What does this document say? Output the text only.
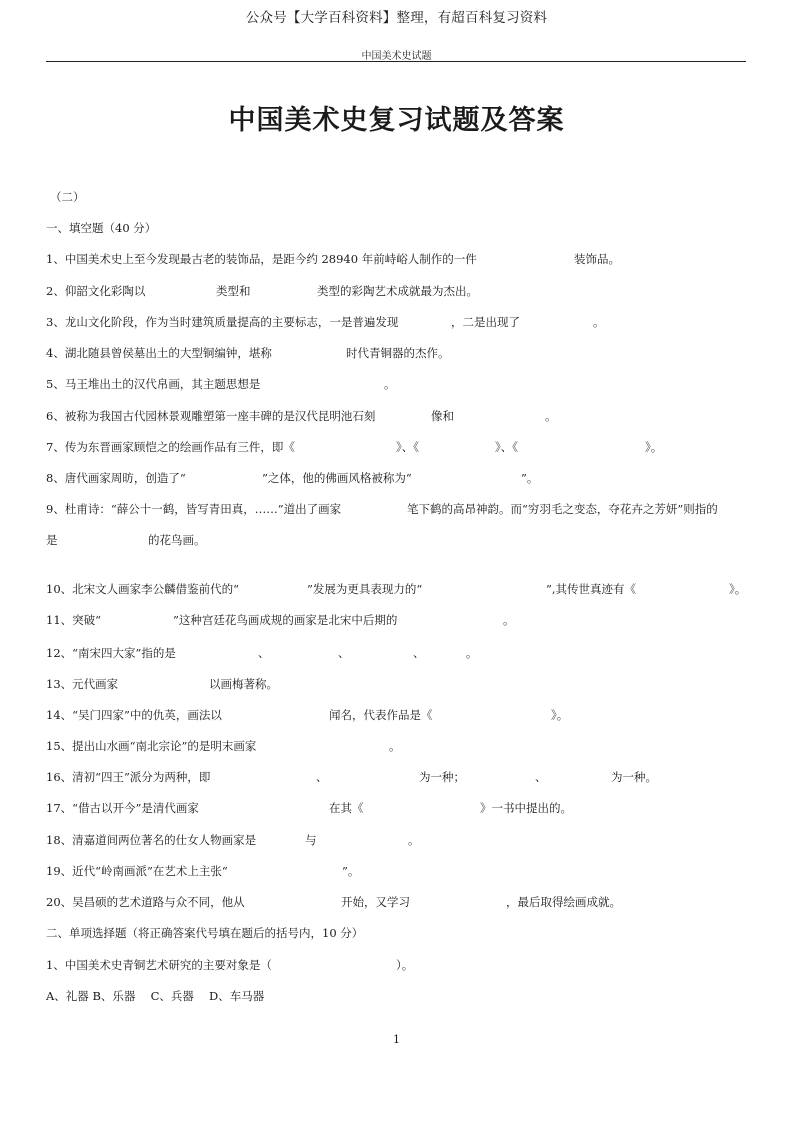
公众号【大学百科资料】整理，有超百科复习资料
中国美术史试题
中国美术史复习试题及答案
（二）
一、填空题（40 分）
1、中国美术史上至今发现最古老的装饰品，是距今约 28940 年前峙峪人制作的一件	装饰品。
2、仰韶文化彩陶以	类型和	类型的彩陶艺术成就最为杰出。
3、龙山文化阶段，作为当时建筑质量提高的主要标志，一是普遍发现	，二是出现了	。
4、湖北随县曾侯墓出土的大型铜编钟，堪称	时代青铜器的杰作。
5、马王堆出土的汉代帛画，其主题思想是	。
6、被称为我国古代园林景观雕塑第一座丰碑的是汉代昆明池石刻	像和	。
7、传为东晋画家顾恺之的绘画作品有三件，即《	》、《	》、《	》。
8、唐代画家周昉，创造了“	”之体，他的佛画风格被称为“	”。
9、杜甫诗：“薛公十一鹤，皆写青田真，……”道出了画家	笔下鹤的高昂神韵。而“穷羽毛之变态，夺花卉之芳妍”则指的
是	的花鸟画。
10、北宋文人画家李公麟借鉴前代的“	”发展为更具表现力的“	”,其传世真迹有《	》。
11、突破“	”这种宫廷花鸟画成规的画家是北宋中后期的	。
12、“南宋四大家”指的是	、	、	、	。
13、元代画家	以画梅著称。
14、“吴门四家”中的仇英，画法以	闻名，代表作品是《	》。
15、提出山水画“南北宗论”的是明末画家	。
16、清初“四王”派分为两种，即	、	为一种；	、	为一种。
17、“借古以开今”是清代画家	在其《	》一书中提出的。
18、清嘉道间两位著名的仕女人物画家是	与	。
19、近代“岭南画派”在艺术上主张“	”。
20、吴昌硕的艺术道路与众不同，他从	开始，又学习	，最后取得绘画成就。
二、单项选择题（将正确答案代号填在题后的括号内，10 分）
1、中国美术史青铜艺术研究的主要对象是（	）。
A、礼器 B、乐器　 C、兵器　 D、车马器
1
